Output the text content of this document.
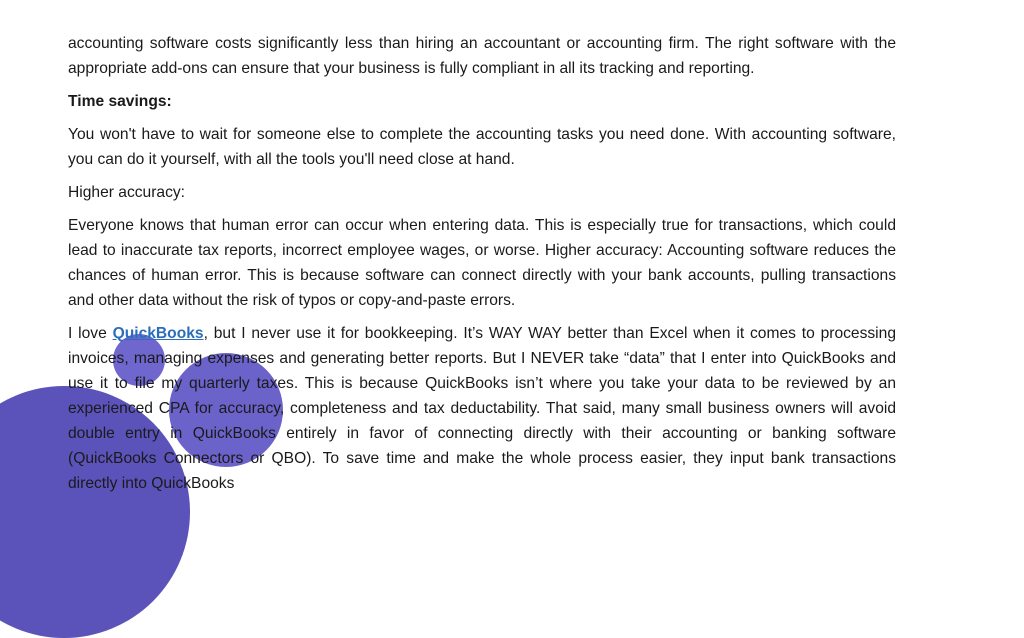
accounting software costs significantly less than hiring an accountant or accounting firm. The right software with the appropriate add-ons can ensure that your business is fully compliant in all its tracking and reporting.

Time savings:

You won't have to wait for someone else to complete the accounting tasks you need done. With accounting software, you can do it yourself, with all the tools you'll need close at hand.

Higher accuracy:

Everyone knows that human error can occur when entering data. This is especially true for transactions, which could lead to inaccurate tax reports, incorrect employee wages, or worse. Higher accuracy: Accounting software reduces the chances of human error. This is because software can connect directly with your bank accounts, pulling transactions and other data without the risk of typos or copy-and-paste errors.

I love QuickBooks, but I never use it for bookkeeping. It’s WAY WAY better than Excel when it comes to processing invoices, managing expenses and generating better reports. But I NEVER take “data” that I enter into QuickBooks and use it to file my quarterly taxes. This is because QuickBooks isn’t where you take your data to be reviewed by an experienced CPA for accuracy, completeness and tax deductability. That said, many small business owners will avoid double entry in QuickBooks entirely in favor of connecting directly with their accounting or banking software (QuickBooks Connectors or QBO). To save time and make the whole process easier, they input bank transactions directly into QuickBooks
